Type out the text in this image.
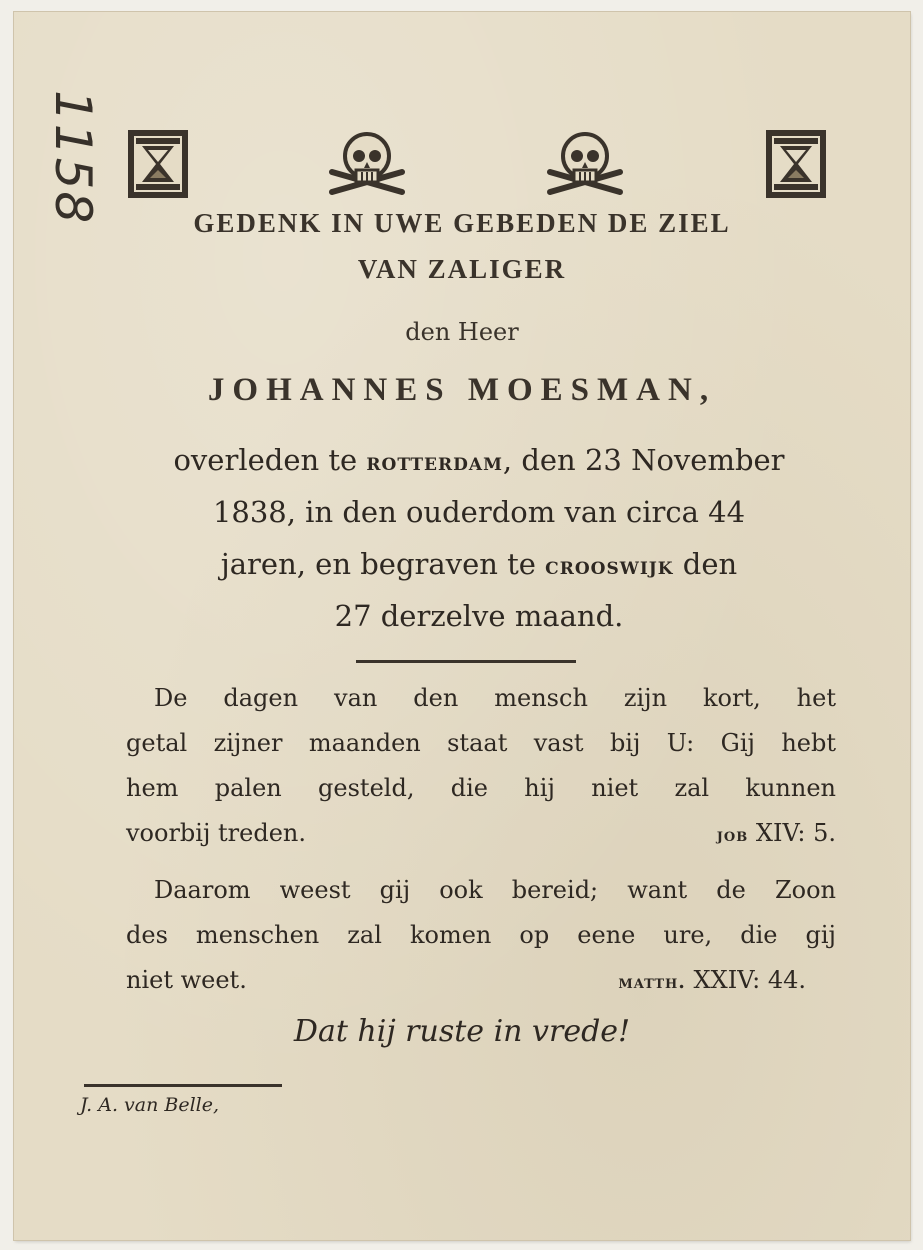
1158	GEDENK IN UWE GEBEDEN DE ZIEL
VAN ZALIGER
den Heer
JOHANNES MOESMAN,
overleden te rotterdam, den 23 November
1838, in den ouderdom van circa 44
jaren, en begraven te crooswijk den
27 derzelve maand.
De dagen van den mensch zijn kort, het
getal zijner maanden staat vast bij U: Gij hebt
hem palen gesteld, die hij niet zal kunnen
voorbij treden.	job XIV: 5.
Daarom weest gij ook bereid; want de Zoon
des menschen zal komen op eene ure, die gij
niet weet.	matth. XXIV: 44.
Dat hij ruste in vrede!
J. A. van Belle,
